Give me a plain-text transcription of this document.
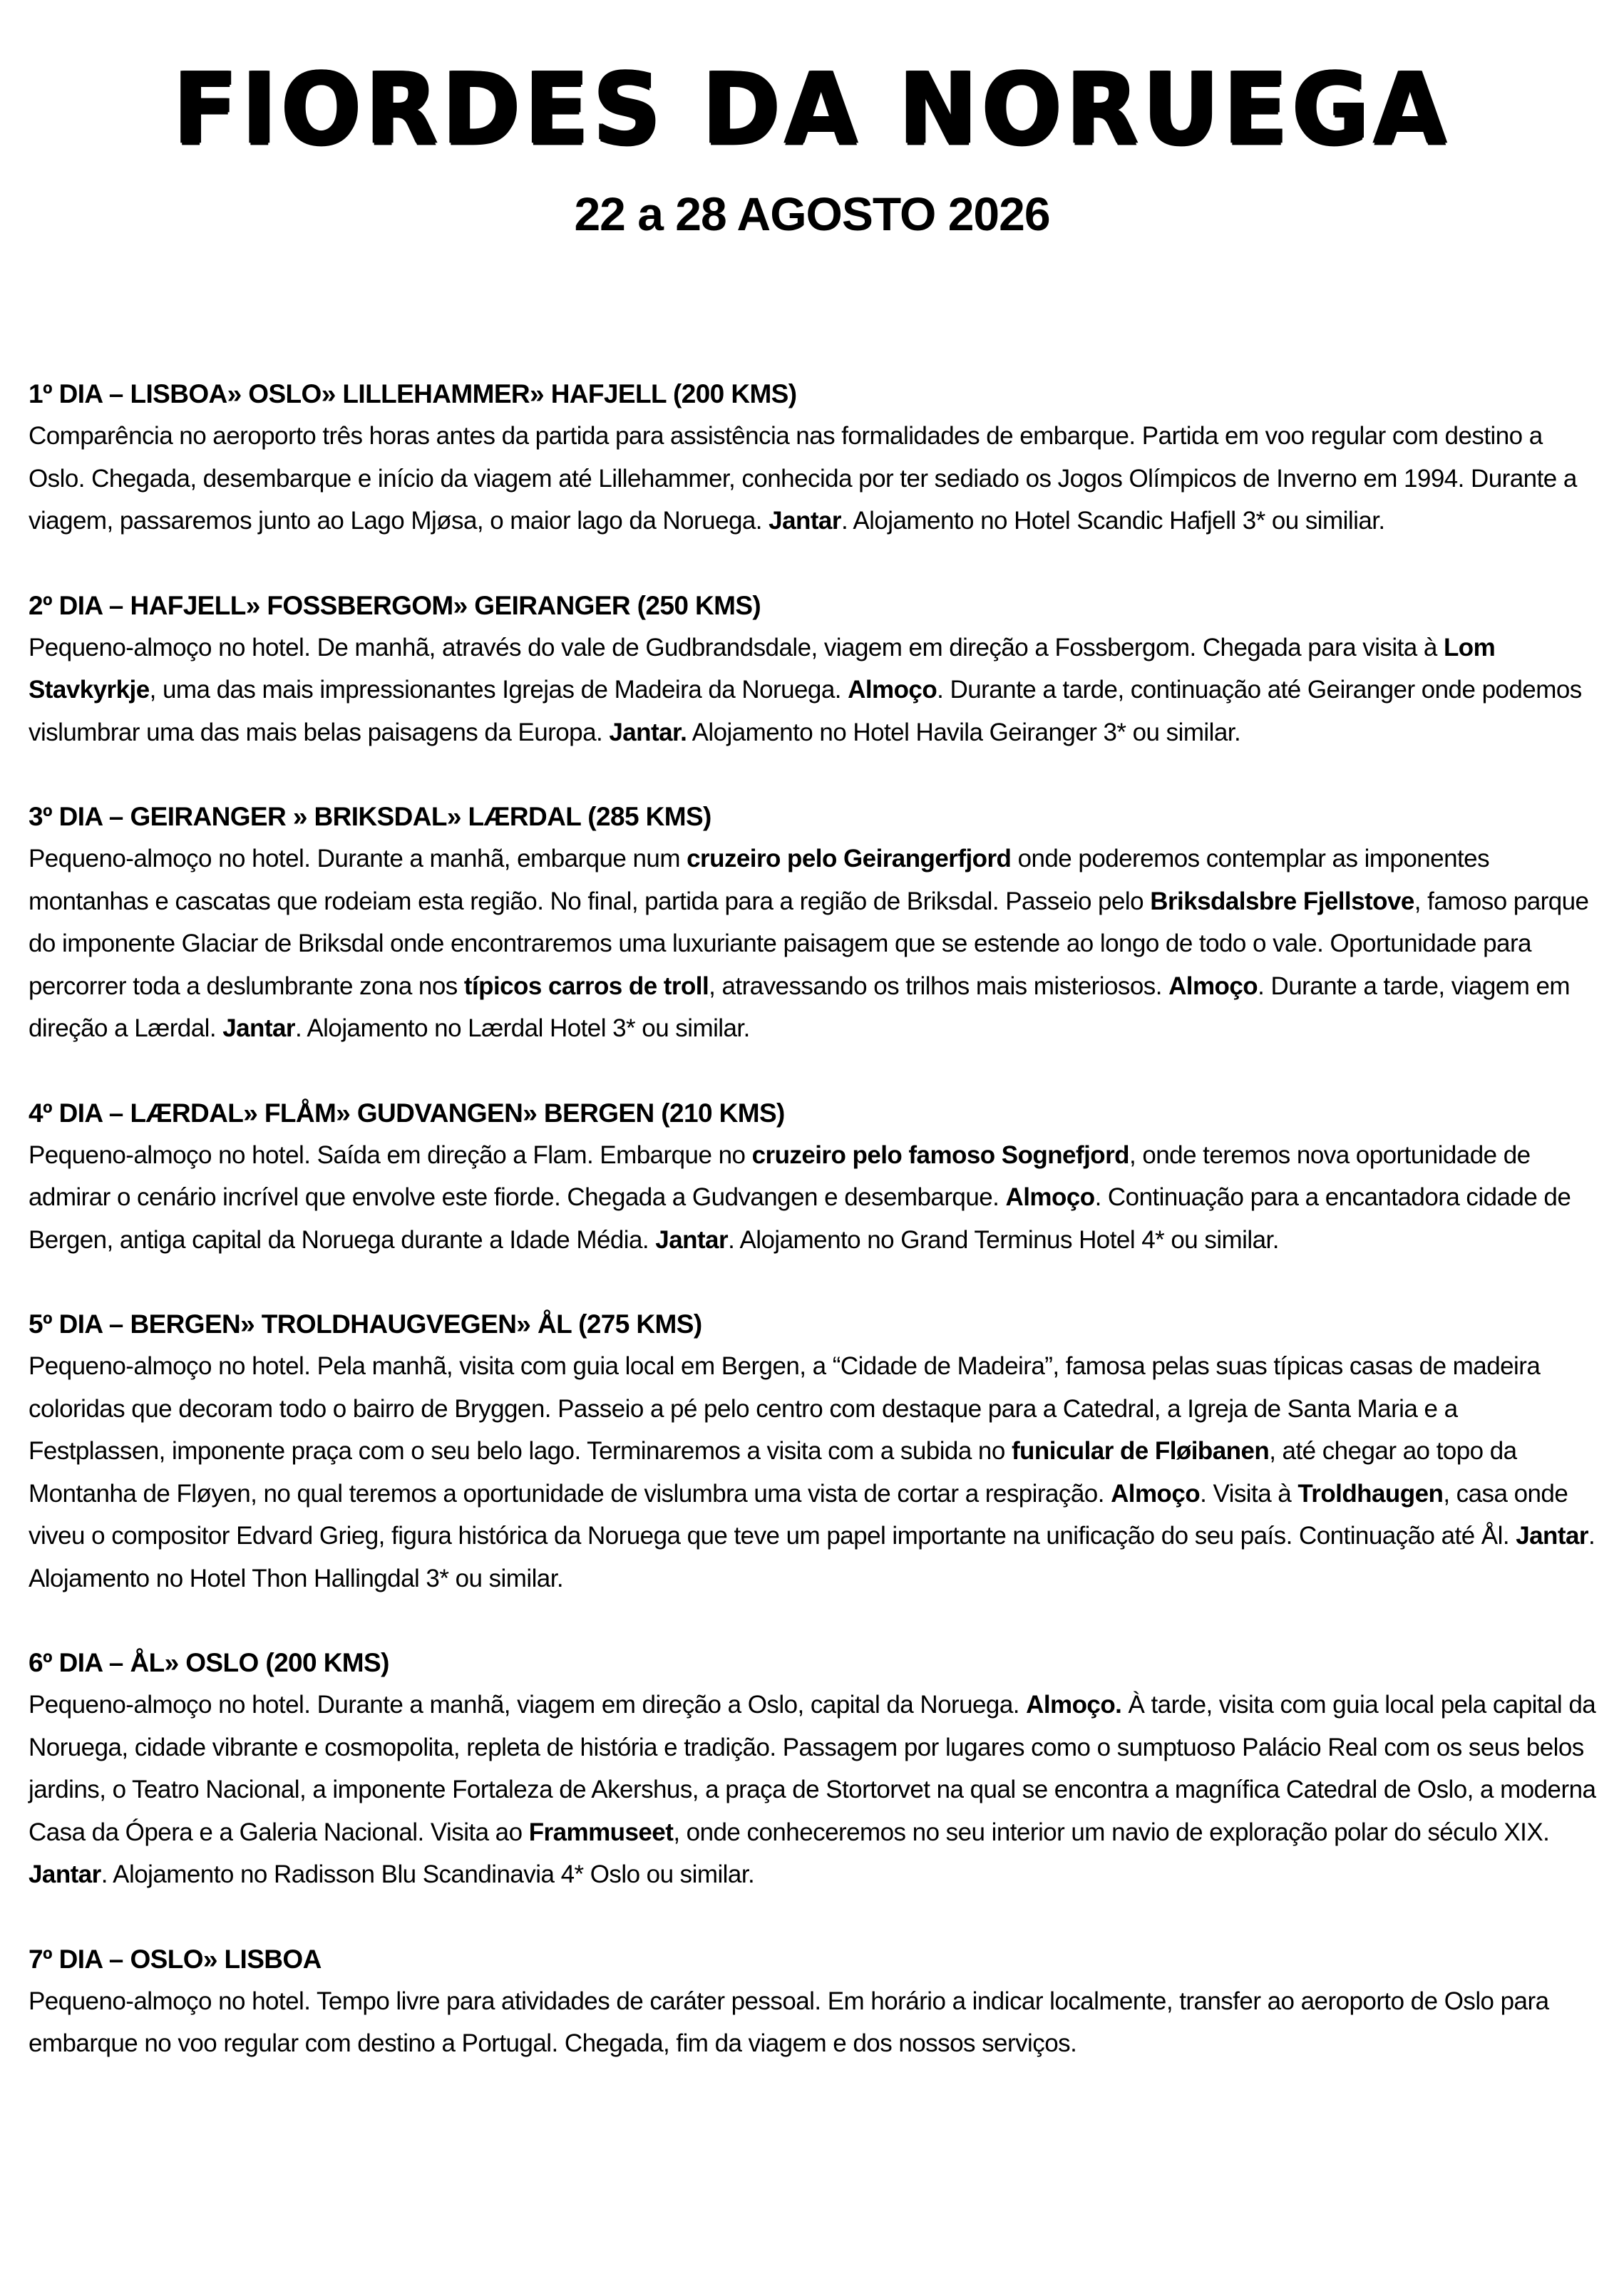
FIORDES DA NORUEGA
22 a 28 AGOSTO 2026
1º DIA – LISBOA» OSLO» LILLEHAMMER» HAFJELL (200 KMS)

Comparência no aeroporto três horas antes da partida para assistência nas formalidades de embarque. Partida em voo regular com destino a Oslo. Chegada, desembarque e início da viagem até Lillehammer, conhecida por ter sediado os Jogos Olímpicos de Inverno em 1994. Durante a viagem, passaremos junto ao Lago Mjøsa, o maior lago da Noruega. Jantar. Alojamento no Hotel Scandic Hafjell 3* ou similiar.

2º DIA – HAFJELL» FOSSBERGOM» GEIRANGER (250 KMS)

Pequeno-almoço no hotel. De manhã, através do vale de Gudbrandsdale, viagem em direção a Fossbergom. Chegada para visita à Lom Stavkyrkje, uma das mais impressionantes Igrejas de Madeira da Noruega. Almoço. Durante a tarde, continuação até Geiranger onde podemos vislumbrar uma das mais belas paisagens da Europa. Jantar. Alojamento no Hotel Havila Geiranger 3* ou similar.

3º DIA – GEIRANGER » BRIKSDAL» LÆRDAL (285 KMS)

Pequeno-almoço no hotel. Durante a manhã, embarque num cruzeiro pelo Geirangerfjord onde poderemos contemplar as imponentes montanhas e cascatas que rodeiam esta região. No final, partida para a região de Briksdal. Passeio pelo Briksdalsbre Fjellstove, famoso parque do imponente Glaciar de Briksdal onde encontraremos uma luxuriante paisagem que se estende ao longo de todo o vale. Oportunidade para percorrer toda a deslumbrante zona nos típicos carros de troll, atravessando os trilhos mais misteriosos. Almoço. Durante a tarde, viagem em direção a Lærdal. Jantar. Alojamento no Lærdal Hotel 3* ou similar.

4º DIA – LÆRDAL» FLÅM» GUDVANGEN» BERGEN (210 KMS)

Pequeno-almoço no hotel. Saída em direção a Flam. Embarque no cruzeiro pelo famoso Sognefjord, onde teremos nova oportunidade de admirar o cenário incrível que envolve este fiorde. Chegada a Gudvangen e desembarque. Almoço. Continuação para a encantadora cidade de Bergen, antiga capital da Noruega durante a Idade Média. Jantar. Alojamento no Grand Terminus Hotel 4* ou similar.

5º DIA – BERGEN» TROLDHAUGVEGEN» ÅL (275 KMS)

Pequeno-almoço no hotel. Pela manhã, visita com guia local em Bergen, a “Cidade de Madeira”, famosa pelas suas típicas casas de madeira coloridas que decoram todo o bairro de Bryggen. Passeio a pé pelo centro com destaque para a Catedral, a Igreja de Santa Maria e a Festplassen, imponente praça com o seu belo lago. Terminaremos a visita com a subida no funicular de Fløibanen, até chegar ao topo da Montanha de Fløyen, no qual teremos a oportunidade de vislumbra uma vista de cortar a respiração. Almoço. Visita à Troldhaugen, casa onde viveu o compositor Edvard Grieg, figura histórica da Noruega que teve um papel importante na unificação do seu país. Continuação até Ål. Jantar. Alojamento no Hotel Thon Hallingdal 3* ou similar.

6º DIA – ÅL» OSLO (200 KMS)

Pequeno-almoço no hotel. Durante a manhã, viagem em direção a Oslo, capital da Noruega. Almoço. À tarde, visita com guia local pela capital da Noruega, cidade vibrante e cosmopolita, repleta de história e tradição. Passagem por lugares como o sumptuoso Palácio Real com os seus belos jardins, o Teatro Nacional, a imponente Fortaleza de Akershus, a praça de Stortorvet na qual se encontra a magnífica Catedral de Oslo, a moderna Casa da Ópera e a Galeria Nacional. Visita ao Frammuseet, onde conheceremos no seu interior um navio de exploração polar do século XIX. Jantar. Alojamento no Radisson Blu Scandinavia 4* Oslo ou similar.

7º DIA – OSLO» LISBOA

Pequeno-almoço no hotel. Tempo livre para atividades de caráter pessoal. Em horário a indicar localmente, transfer ao aeroporto de Oslo para embarque no voo regular com destino a Portugal. Chegada, fim da viagem e dos nossos serviços.
